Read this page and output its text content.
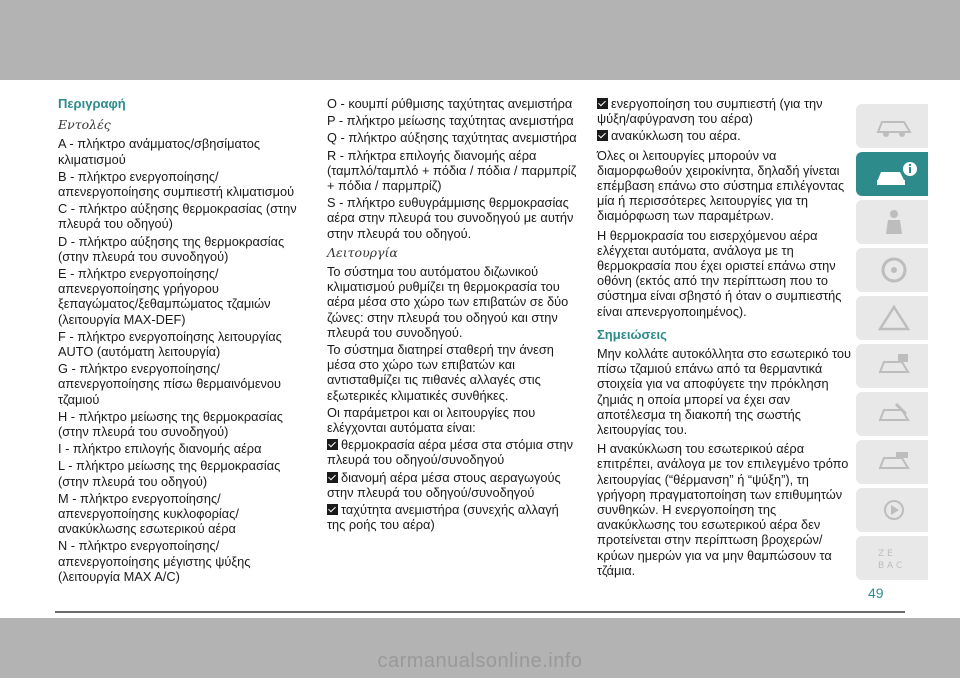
Περιγραφή
Εντολές

A - πλήκτρο ανάμματος/σβησίματος κλιματισμού

B - πλήκτρο ενεργοποίησης/ απενεργοποίησης συμπιεστή κλιματισμού

C - πλήκτρο αύξησης θερμοκρασίας (στην πλευρά του οδηγού)

D - πλήκτρο αύξησης της θερμοκρασίας (στην πλευρά του συνοδηγού)

E - πλήκτρο ενεργοποίησης/ απενεργοποίησης γρήγορου ξεπαγώματος/ξεθαμπώματος τζαμιών (λειτουργία MAX-DEF)

F - πλήκτρο ενεργοποίησης λειτουργίας AUTO (αυτόματη λειτουργία)

G - πλήκτρο ενεργοποίησης/ απενεργοποίησης πίσω θερμαινόμενου τζαμιού

H - πλήκτρο μείωσης της θερμοκρασίας (στην πλευρά του συνοδηγού)

I - πλήκτρο επιλογής διανομής αέρα

L - πλήκτρο μείωσης της θερμοκρασίας (στην πλευρά του οδηγού)

M - πλήκτρο ενεργοποίησης/ απενεργοποίησης κυκλοφορίας/ ανακύκλωσης εσωτερικού αέρα

N - πλήκτρο ενεργοποίησης/ απενεργοποίησης μέγιστης ψύξης (λειτουργία MAX A/C)

O - κουμπί ρύθμισης ταχύτητας ανεμιστήρα

P - πλήκτρο μείωσης ταχύτητας ανεμιστήρα

Q - πλήκτρο αύξησης ταχύτητας ανεμιστήρα

R - πλήκτρα επιλογής διανομής αέρα (ταμπλό/ταμπλό + πόδια / πόδια / παρμπρίζ + πόδια / παρμπρίζ)

S - πλήκτρο ευθυγράμμισης θερμοκρασίας αέρα στην πλευρά του συνοδηγού με αυτήν στην πλευρά του οδηγού.

Λειτουργία

Το σύστημα του αυτόματου διζωνικού κλιματισμού ρυθμίζει τη θερμοκρασία του αέρα μέσα στο χώρο των επιβατών σε δύο ζώνες: στην πλευρά του οδηγού και στην πλευρά του συνοδηγού.

Το σύστημα διατηρεί σταθερή την άνεση μέσα στο χώρο των επιβατών και αντισταθμίζει τις πιθανές αλλαγές στις εξωτερικές κλιματικές συνθήκες.

Οι παράμετροι και οι λειτουργίες που ελέγχονται αυτόματα είναι:

θερμοκρασία αέρα μέσα στα στόμια στην πλευρά του οδηγού/συνοδηγού

διανομή αέρα μέσα στους αεραγωγούς στην πλευρά του οδηγού/συνοδηγού

ταχύτητα ανεμιστήρα (συνεχής αλλαγή της ροής του αέρα)

ενεργοποίηση του συμπιεστή (για την ψύξη/αφύγρανση του αέρα)

ανακύκλωση του αέρα.

Όλες οι λειτουργίες μπορούν να διαμορφωθούν χειροκίνητα, δηλαδή γίνεται επέμβαση επάνω στο σύστημα επιλέγοντας μία ή περισσότερες λειτουργίες για τη διαμόρφωση των παραμέτρων.

Η θερμοκρασία του εισερχόμενου αέρα ελέγχεται αυτόματα, ανάλογα με τη θερμοκρασία που έχει οριστεί επάνω στην οθόνη (εκτός από την περίπτωση που το σύστημα είναι σβηστό ή όταν ο συμπιεστής είναι απενεργοποιημένος).

Σημειώσεις

Μην κολλάτε αυτοκόλλητα στο εσωτερικό του πίσω τζαμιού επάνω από τα θερμαντικά στοιχεία για να αποφύγετε την πρόκληση ζημιάς η οποία μπορεί να έχει σαν αποτέλεσμα τη διακοπή της σωστής λειτουργίας του.

Η ανακύκλωση του εσωτερικού αέρα επιτρέπει, ανάλογα με τον επιλεγμένο τρόπο λειτουργίας (“θέρμανση” ή “ψύξη”), τη γρήγορη πραγματοποίηση των επιθυμητών συνθηκών. Η ενεργοποίηση της ανακύκλωσης του εσωτερικού αέρα δεν προτείνεται στην περίπτωση βροχερών/κρύων ημερών για να μην θαμπώσουν τα τζάμια.

Z E
B A C
49
carmanualsonline.info
